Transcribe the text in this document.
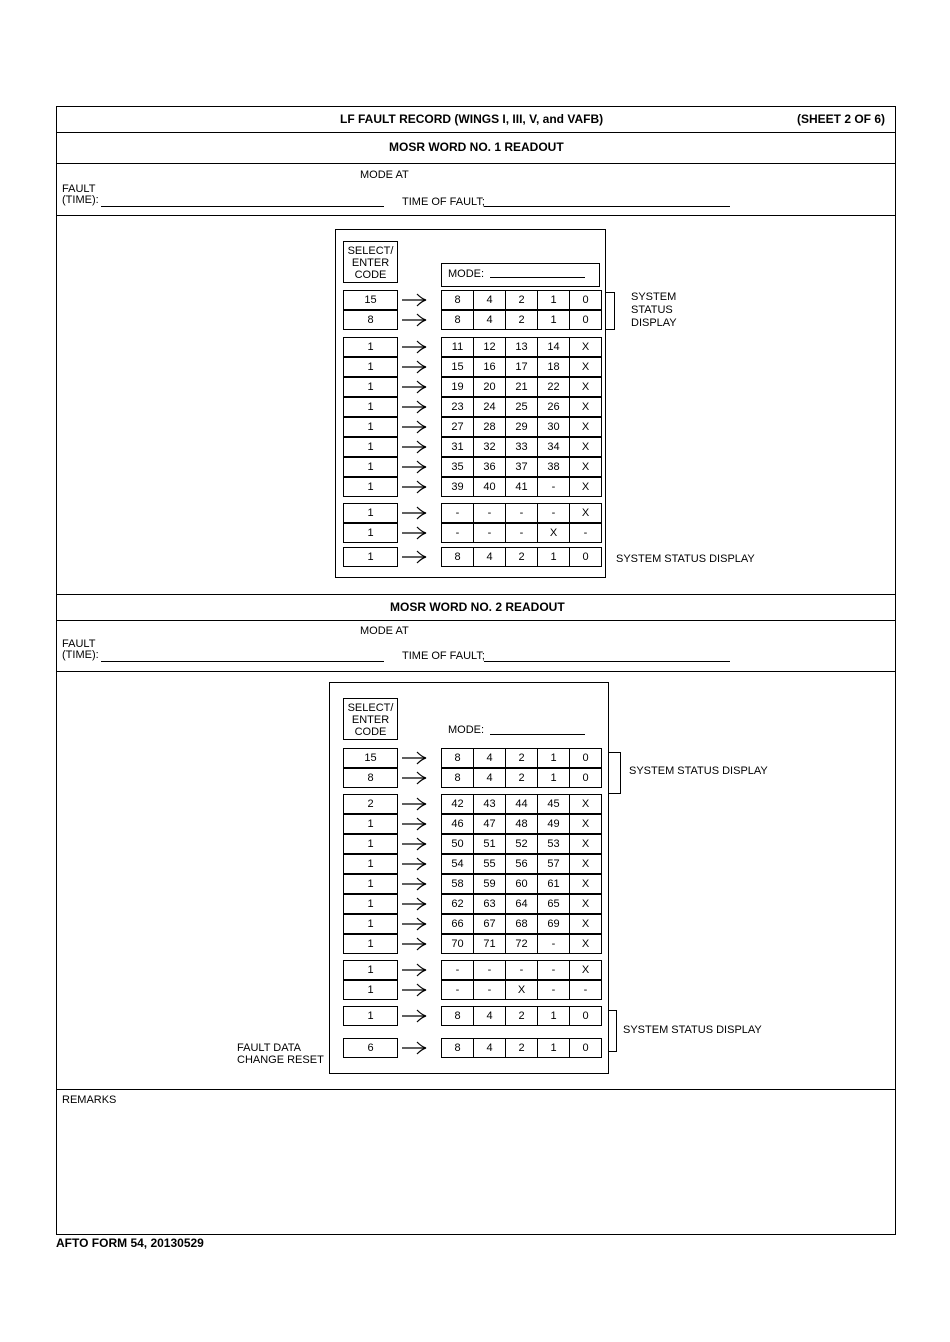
LF FAULT RECORD (WINGS I, III, V, and VAFB)	(SHEET 2 OF 6)
MOSR WORD NO. 1 READOUT
MODE AT
FAULT
(TIME):	TIME OF FAULT;
SELECT/
ENTER
CODE	MODE:
15	8	4	2	1	0
8	8	4	2	1	0
1	11	12	13	14	X
1	15	16	17	18	X
1	19	20	21	22	X
1	23	24	25	26	X
1	27	28	29	30	X
1	31	32	33	34	X
1	35	36	37	38	X
1	39	40	41	-	X
1	-	-	-	-	X
1	-	-	-	X	-
1	8	4	2	1	0
SYSTEM
STATUS
DISPLAY
SYSTEM STATUS DISPLAY
MOSR WORD NO. 2 READOUT
MODE AT
FAULT
(TIME):	TIME OF FAULT;
SELECT/
ENTER
CODE	MODE:
15	8	4	2	1	0
8	8	4	2	1	0
2	42	43	44	45	X
1	46	47	48	49	X
1	50	51	52	53	X
1	54	55	56	57	X
1	58	59	60	61	X
1	62	63	64	65	X
1	66	67	68	69	X
1	70	71	72	-	X
1	-	-	-	-	X
1	-	-	X	-	-
1	8	4	2	1	0
6	8	4	2	1	0
SYSTEM STATUS DISPLAY
SYSTEM STATUS DISPLAY
FAULT DATA
CHANGE RESET
REMARKS
AFTO FORM 54, 20130529
